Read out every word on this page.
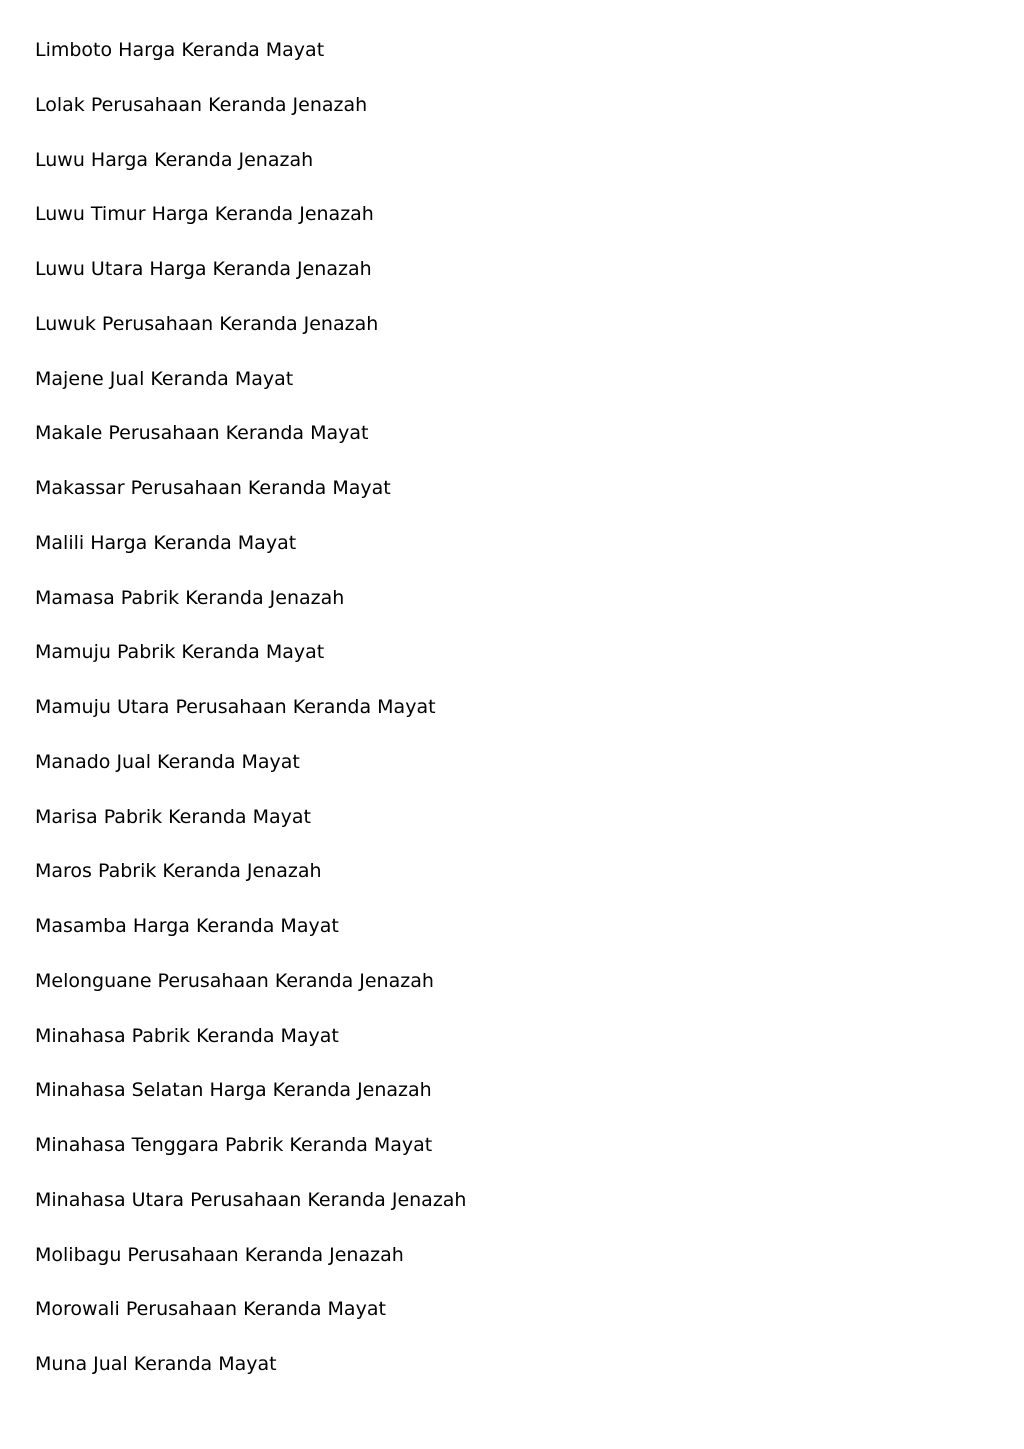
Limboto Harga Keranda Mayat
Lolak Perusahaan Keranda Jenazah
Luwu Harga Keranda Jenazah
Luwu Timur Harga Keranda Jenazah
Luwu Utara Harga Keranda Jenazah
Luwuk Perusahaan Keranda Jenazah
Majene Jual Keranda Mayat
Makale Perusahaan Keranda Mayat
Makassar Perusahaan Keranda Mayat
Malili Harga Keranda Mayat
Mamasa Pabrik Keranda Jenazah
Mamuju Pabrik Keranda Mayat
Mamuju Utara Perusahaan Keranda Mayat
Manado Jual Keranda Mayat
Marisa Pabrik Keranda Mayat
Maros Pabrik Keranda Jenazah
Masamba Harga Keranda Mayat
Melonguane Perusahaan Keranda Jenazah
Minahasa Pabrik Keranda Mayat
Minahasa Selatan Harga Keranda Jenazah
Minahasa Tenggara Pabrik Keranda Mayat
Minahasa Utara Perusahaan Keranda Jenazah
Molibagu Perusahaan Keranda Jenazah
Morowali Perusahaan Keranda Mayat
Muna Jual Keranda Mayat
